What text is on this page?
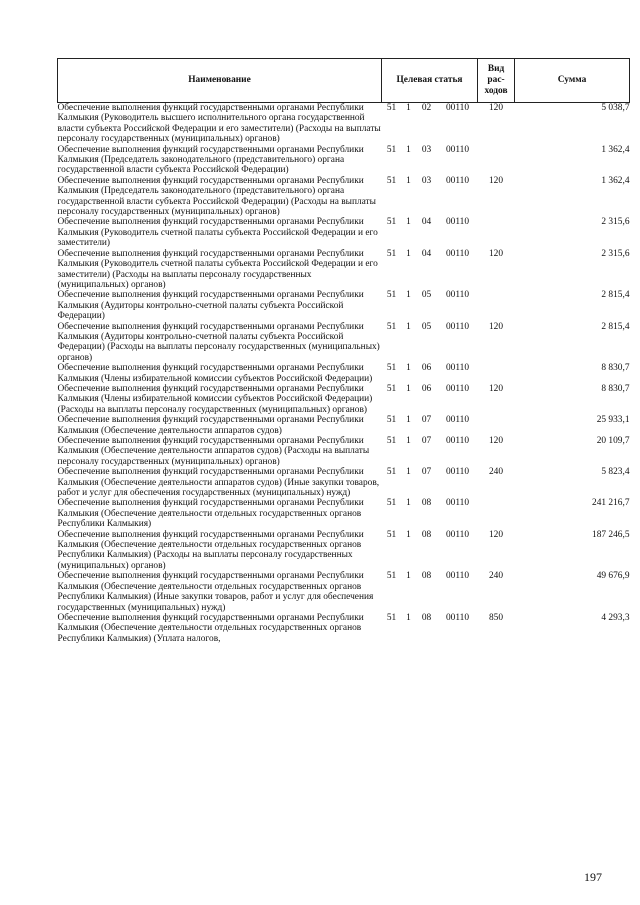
Наименование	Целевая статья				Вид
рас-
ходов	Сумма
Обеспечение выполнения функций государственными органами Республики Калмыкия (Руководитель высшего исполнительного органа государственной власти субъекта Российской Федерации и его заместители) (Расходы на выплаты персоналу государственных (муниципальных) органов)	51	1	02	00110	120	5 038,7
Обеспечение выполнения функций государственными органами Республики Калмыкия (Председатель законодательного (представительного) органа государственной власти субъекта Российской Федерации)	51	1	03	00110		1 362,4
Обеспечение выполнения функций государственными органами Республики Калмыкия (Председатель законодательного (представительного) органа государственной власти субъекта Российской Федерации) (Расходы на выплаты персоналу государственных (муниципальных) органов)	51	1	03	00110	120	1 362,4
Обеспечение выполнения функций государственными органами Республики Калмыкия (Руководитель счетной палаты субъекта Российской Федерации и его заместители)	51	1	04	00110		2 315,6
Обеспечение выполнения функций государственными органами Республики Калмыкия (Руководитель счетной палаты субъекта Российской Федерации и его заместители) (Расходы на выплаты персоналу государственных (муниципальных) органов)	51	1	04	00110	120	2 315,6
Обеспечение выполнения функций государственными органами Республики Калмыкия (Аудиторы контрольно-счетной палаты субъекта Российской Федерации)	51	1	05	00110		2 815,4
Обеспечение выполнения функций государственными органами Республики Калмыкия (Аудиторы контрольно-счетной палаты субъекта Российской Федерации) (Расходы на выплаты персоналу государственных (муниципальных) органов)	51	1	05	00110	120	2 815,4
Обеспечение выполнения функций государственными органами Республики Калмыкия (Члены избирательной комиссии субъектов Российской Федерации)	51	1	06	00110		8 830,7
Обеспечение выполнения функций государственными органами Республики Калмыкия (Члены избирательной комиссии субъектов Российской Федерации) (Расходы на выплаты персоналу государственных (муниципальных) органов)	51	1	06	00110	120	8 830,7
Обеспечение выполнения функций государственными органами Республики Калмыкия (Обеспечение деятельности аппаратов судов)	51	1	07	00110		25 933,1
Обеспечение выполнения функций государственными органами Республики Калмыкия (Обеспечение деятельности аппаратов судов) (Расходы на выплаты персоналу государственных (муниципальных) органов)	51	1	07	00110	120	20 109,7
Обеспечение выполнения функций государственными органами Республики Калмыкия (Обеспечение деятельности аппаратов судов) (Иные закупки товаров, работ и услуг для обеспечения государственных (муниципальных) нужд)	51	1	07	00110	240	5 823,4
Обеспечение выполнения функций государственными органами Республики Калмыкия (Обеспечение деятельности отдельных государственных органов Республики Калмыкия)	51	1	08	00110		241 216,7
Обеспечение выполнения функций государственными органами Республики Калмыкия (Обеспечение деятельности отдельных государственных органов Республики Калмыкия) (Расходы на выплаты персоналу государственных (муниципальных) органов)	51	1	08	00110	120	187 246,5
Обеспечение выполнения функций государственными органами Республики Калмыкия (Обеспечение деятельности отдельных государственных органов Республики Калмыкия) (Иные закупки товаров, работ и услуг для обеспечения государственных (муниципальных) нужд)	51	1	08	00110	240	49 676,9
Обеспечение выполнения функций государственными органами Республики Калмыкия (Обеспечение деятельности отдельных государственных органов Республики Калмыкия) (Уплата налогов,	51	1	08	00110	850	4 293,3
197
